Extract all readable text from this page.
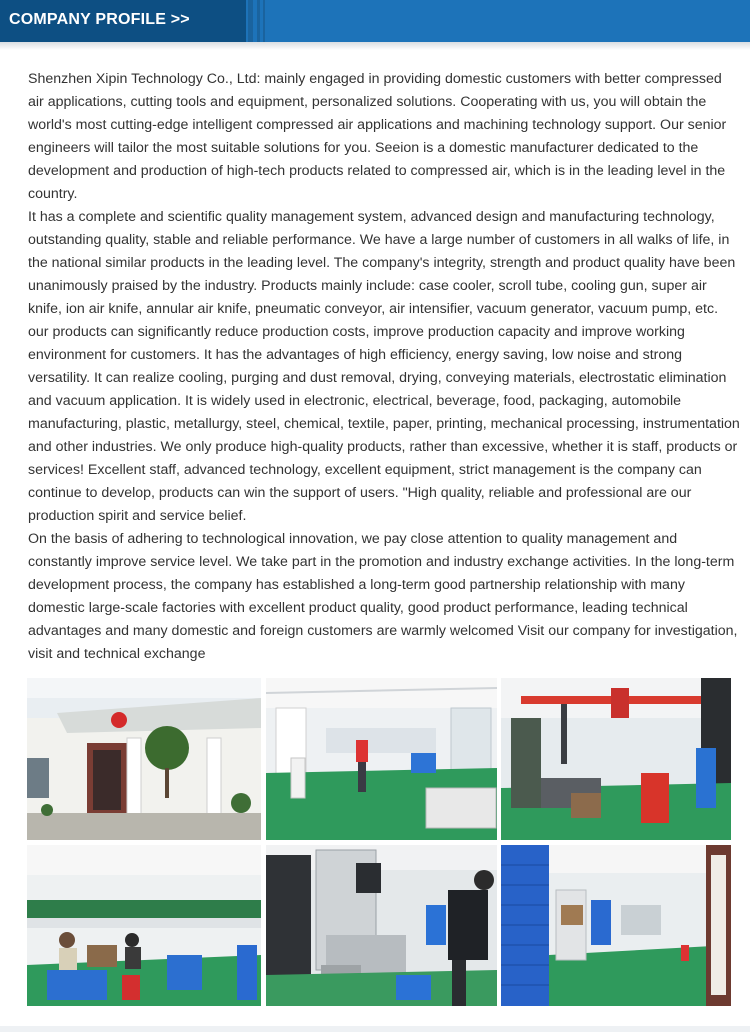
COMPANY PROFILE >>

Shenzhen Xipin Technology Co., Ltd: mainly engaged in providing domestic customers with better compressed air applications, cutting tools and equipment, personalized solutions. Cooperating with us, you will obtain the world's most cutting-edge intelligent compressed air applications and machining technology support. Our senior engineers will tailor the most suitable solutions for you. Seeion is a domestic manufacturer dedicated to the development and production of high-tech products related to compressed air, which is in the leading level in the country.

It has a complete and scientific quality management system, advanced design and manufacturing technology, outstanding quality, stable and reliable performance. We have a large number of customers in all walks of life, in the national similar products in the leading level. The company's integrity, strength and product quality have been unanimously praised by the industry. Products mainly include: case cooler, scroll tube, cooling gun, super air knife, ion air knife, annular air knife, pneumatic conveyor, air intensifier, vacuum generator, vacuum pump, etc. our products can significantly reduce production costs, improve production capacity and improve working environment for customers. It has the advantages of high efficiency, energy saving, low noise and strong versatility. It can realize cooling, purging and dust removal, drying, conveying materials, electrostatic elimination and vacuum application. It is widely used in electronic, electrical, beverage, food, packaging, automobile manufacturing, plastic, metallurgy, steel, chemical, textile, paper, printing, mechanical processing, instrumentation and other industries. We only produce high-quality products, rather than excessive, whether it is staff, products or services! Excellent staff, advanced technology, excellent equipment, strict management is the company can continue to develop, products can win the support of users. "High quality, reliable and professional are our production spirit and service belief.

On the basis of adhering to technological innovation, we pay close attention to quality management and constantly improve service level. We take part in the promotion and industry exchange activities. In the long-term development process, the company has established a long-term good partnership relationship with many domestic large-scale factories with excellent product quality, good product performance, leading technical advantages and many domestic and foreign customers are warmly welcomed Visit our company for investigation, visit and technical exchange
